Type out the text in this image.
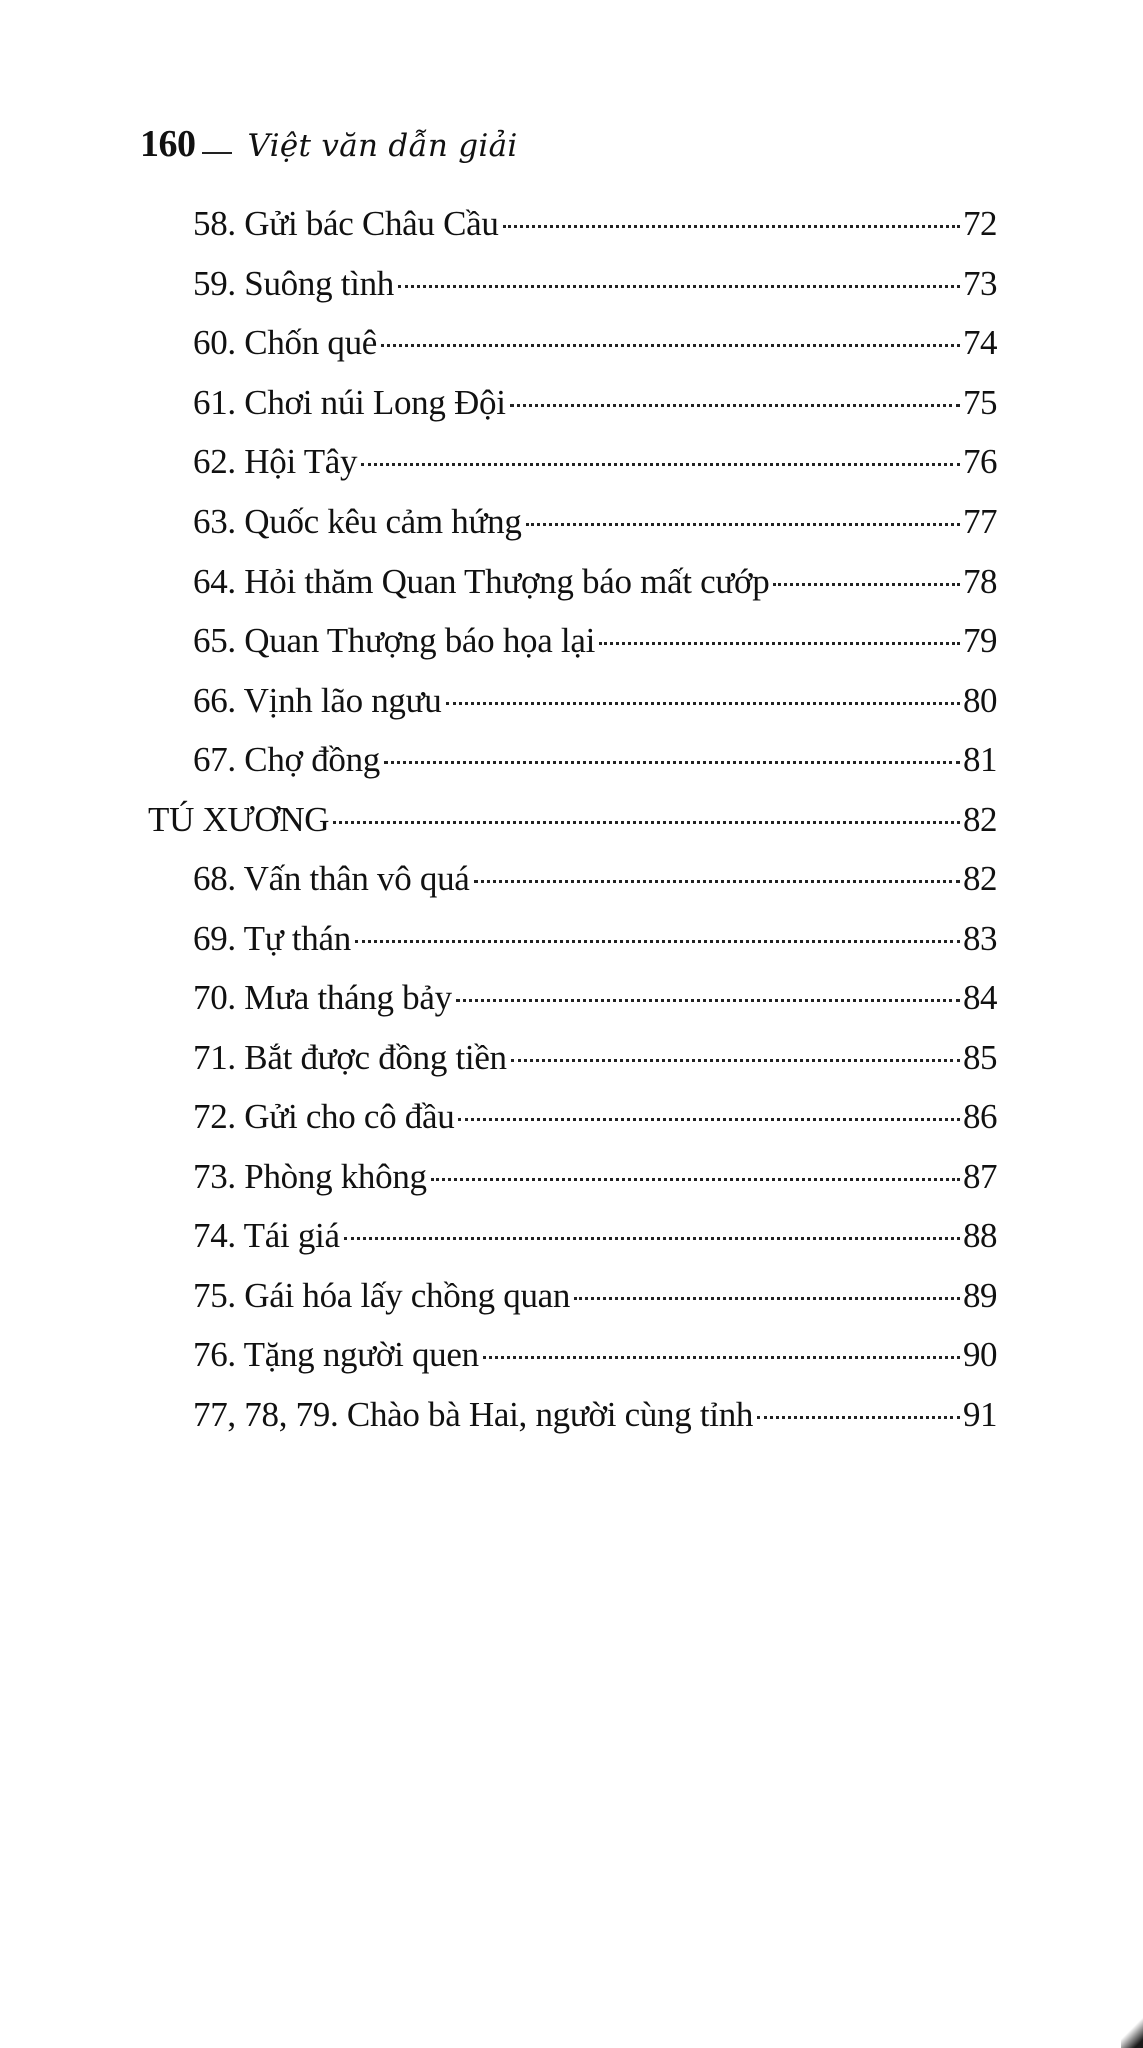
160 Việt văn dẫn giải
58. Gửi bác Châu Cầu	72
59. Suông tình	73
60. Chốn quê	74
61. Chơi núi Long Đội	75
62. Hội Tây	76
63. Quốc kêu cảm hứng	77
64. Hỏi thăm Quan Thượng báo mất cướp	78
65. Quan Thượng báo họa lại	79
66. Vịnh lão ngưu	80
67. Chợ đồng	81
TÚ XƯƠNG	82
68. Vấn thân vô quá	82
69. Tự thán	83
70. Mưa tháng bảy	84
71. Bắt được đồng tiền	85
72. Gửi cho cô đầu	86
73. Phòng không	87
74. Tái giá	88
75. Gái hóa lấy chồng quan	89
76. Tặng người quen	90
77, 78, 79. Chào bà Hai, người cùng tỉnh	91
